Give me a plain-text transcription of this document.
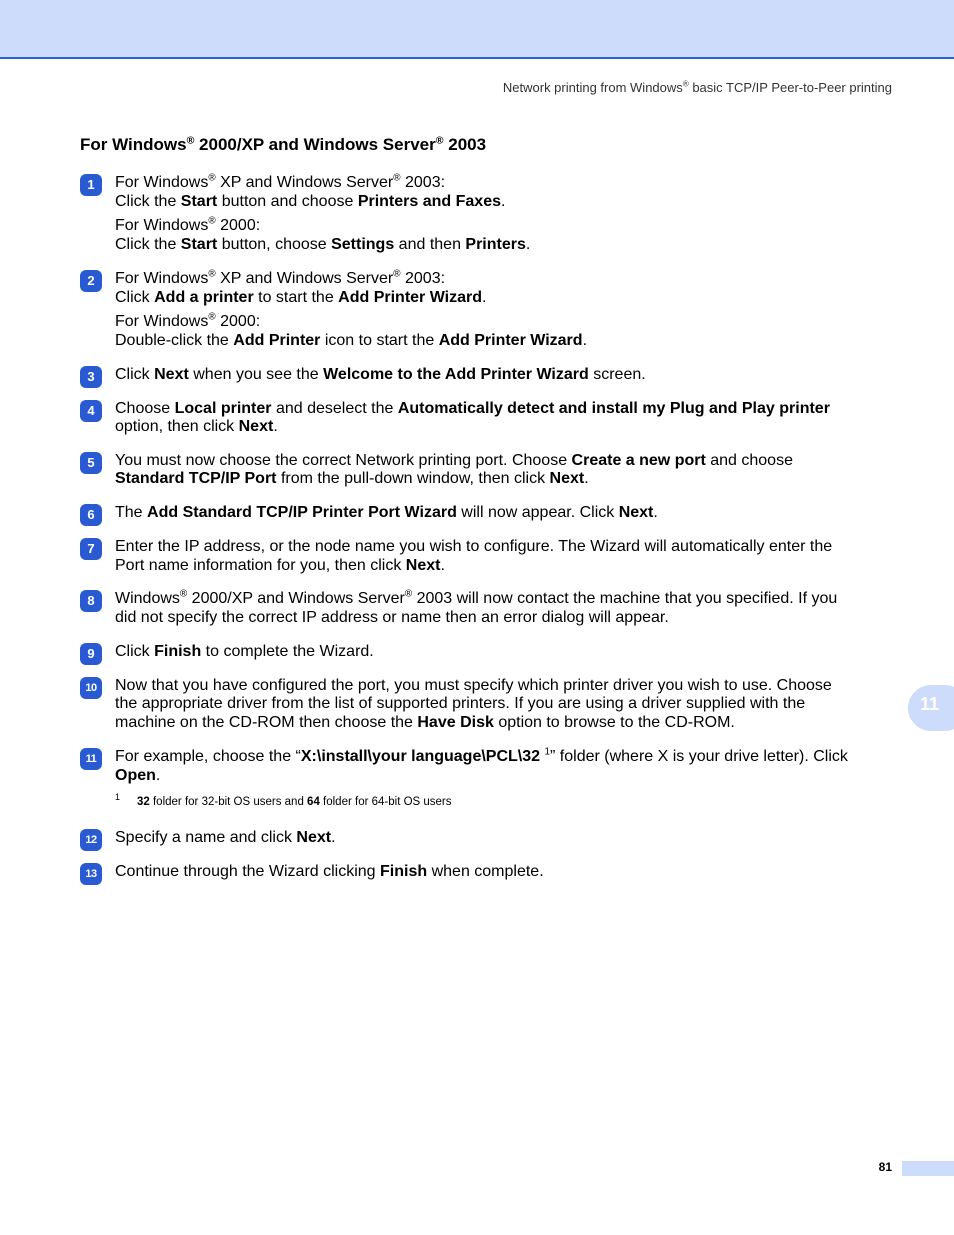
Network printing from Windows® basic TCP/IP Peer-to-Peer printing
For Windows® 2000/XP and Windows Server® 2003
1	For Windows® XP and Windows Server® 2003:
Click the Start button and choose Printers and Faxes.
For Windows® 2000:
Click the Start button, choose Settings and then Printers.
2	For Windows® XP and Windows Server® 2003:
Click Add a printer to start the Add Printer Wizard.
For Windows® 2000:
Double-click the Add Printer icon to start the Add Printer Wizard.
3	Click Next when you see the Welcome to the Add Printer Wizard screen.
4	Choose Local printer and deselect the Automatically detect and install my Plug and Play printer
option, then click Next.
5	You must now choose the correct Network printing port. Choose Create a new port and choose
Standard TCP/IP Port from the pull-down window, then click Next.
6	The Add Standard TCP/IP Printer Port Wizard will now appear. Click Next.
7	Enter the IP address, or the node name you wish to configure. The Wizard will automatically enter the
Port name information for you, then click Next.
8	Windows® 2000/XP and Windows Server® 2003 will now contact the machine that you specified. If you
did not specify the correct IP address or name then an error dialog will appear.
9	Click Finish to complete the Wizard.
10	Now that you have configured the port, you must specify which printer driver you wish to use. Choose
the appropriate driver from the list of supported printers. If you are using a driver supplied with the
machine on the CD-ROM then choose the Have Disk option to browse to the CD-ROM.
11	For example, choose the “X:\install\your language\PCL\32 $^1$” folder (where X is your drive letter). Click
Open.
1	32 folder for 32-bit OS users and 64 folder for 64-bit OS users
12	Specify a name and click Next.
13	Continue through the Wizard clicking Finish when complete.
11
81
